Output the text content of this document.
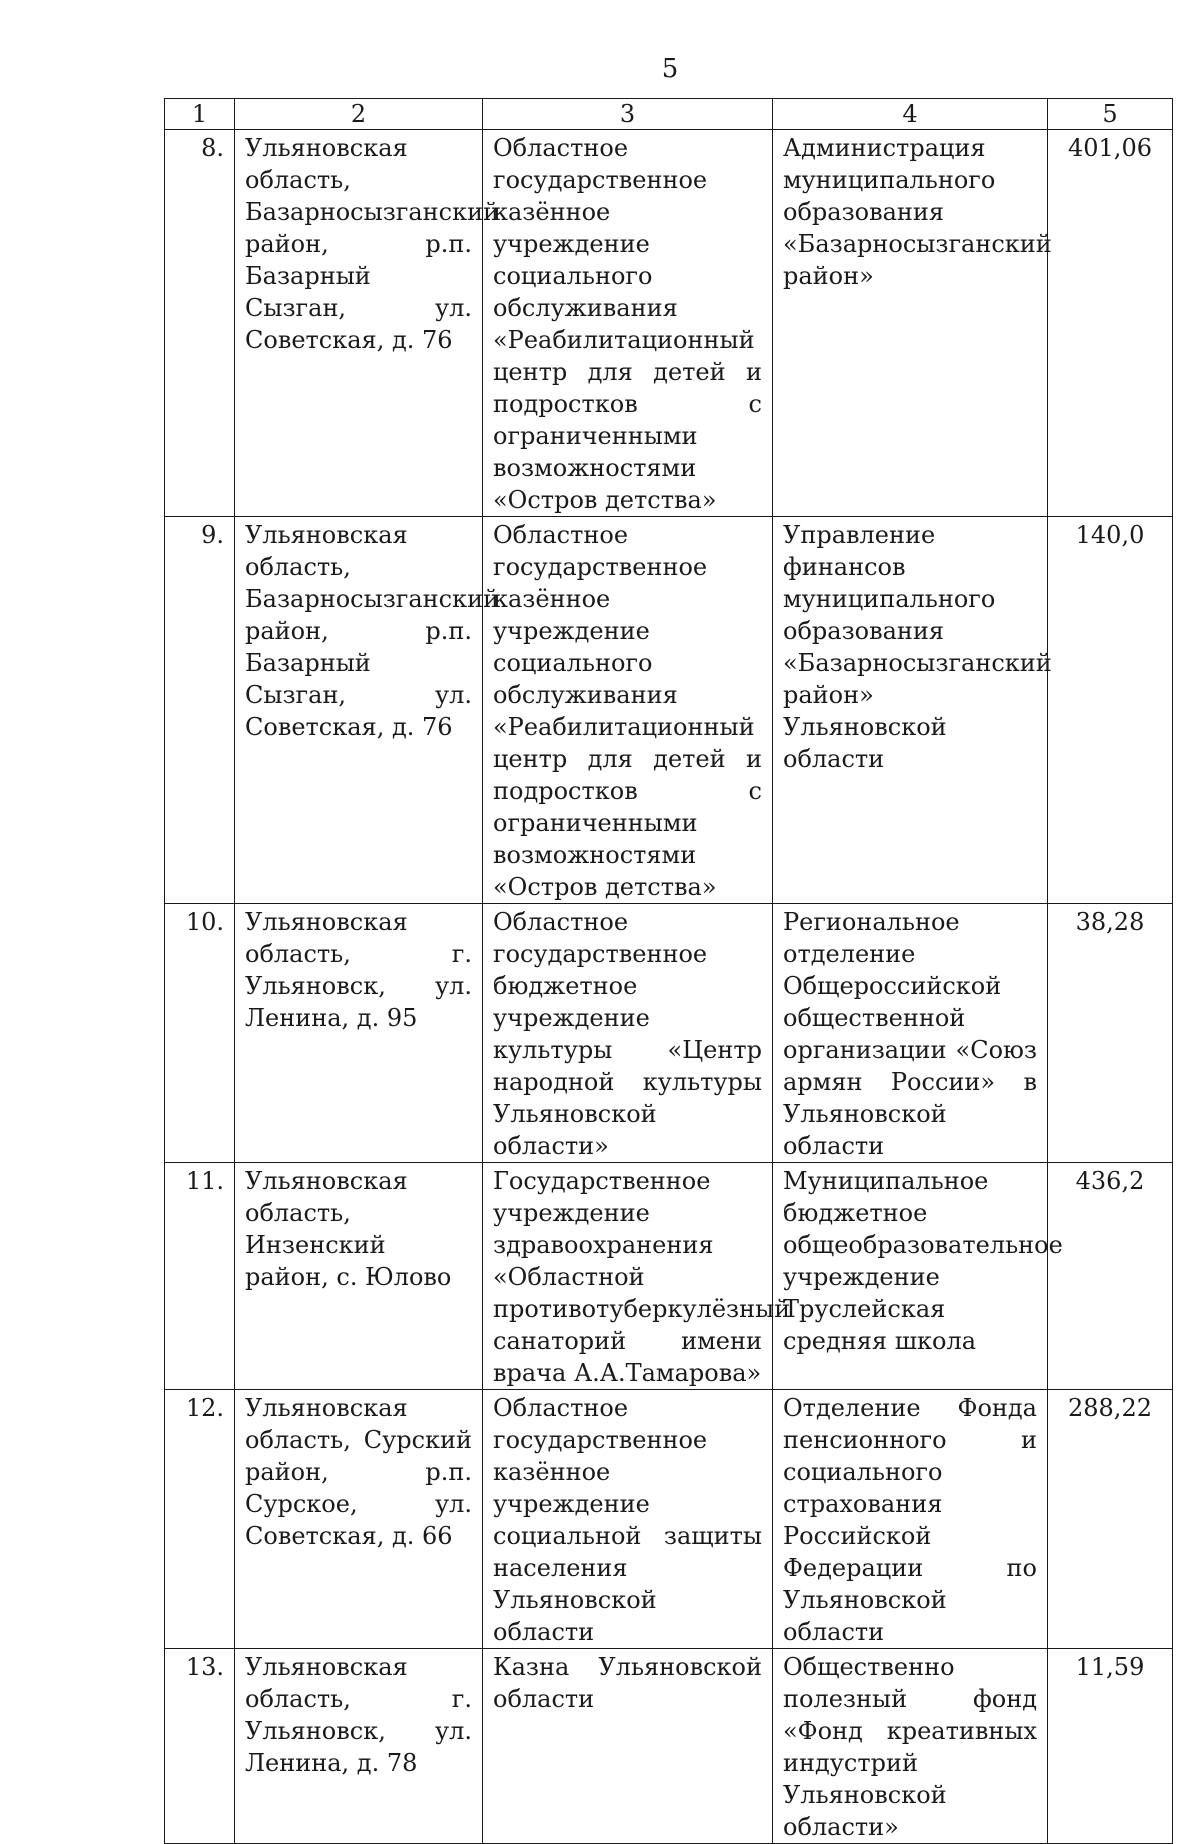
5
1	2	3	4	5
8.	Ульяновская область, Базарносызганский район, р.п. Базарный Сызган, ул. Советская, д. 76	Областное государственное казённое учреждение социального обслуживания «Реабилитационный центр для детей и подростков с ограниченными возможностями «Остров детства»	Администрация муниципального образования «Базарносызганский район»	401,06
9.	Ульяновская область, Базарносызганский район, р.п. Базарный Сызган, ул. Советская, д. 76	Областное государственное казённое учреждение социального обслуживания «Реабилитационный центр для детей и подростков с ограниченными возможностями «Остров детства»	Управление финансов муниципального образования «Базарносызганский район» Ульяновской области	140,0
10.	Ульяновская область, г. Ульяновск, ул. Ленина, д. 95	Областное государственное бюджетное учреждение культуры «Центр народной культуры Ульяновской области»	Региональное отделение Общероссийской общественной организации «Союз армян России» в Ульяновской области	38,28
11.	Ульяновская область, Инзенский район, с. Юлово	Государственное учреждение здравоохранения «Областной противотуберкулёзный санаторий имени врача А.А.Тамарова»	Муниципальное бюджетное общеобразовательное учреждение Труслейская средняя школа	436,2
12.	Ульяновская область, Сурский район, р.п. Сурское, ул. Советская, д. 66	Областное государственное казённое учреждение социальной защиты населения Ульяновской области	Отделение Фонда пенсионного и социального страхования Российской Федерации по Ульяновской области	288,22
13.	Ульяновская область, г. Ульяновск, ул. Ленина, д. 78	Казна Ульяновской области	Общественно полезный фонд «Фонд креативных индустрий Ульяновской области»	11,59
